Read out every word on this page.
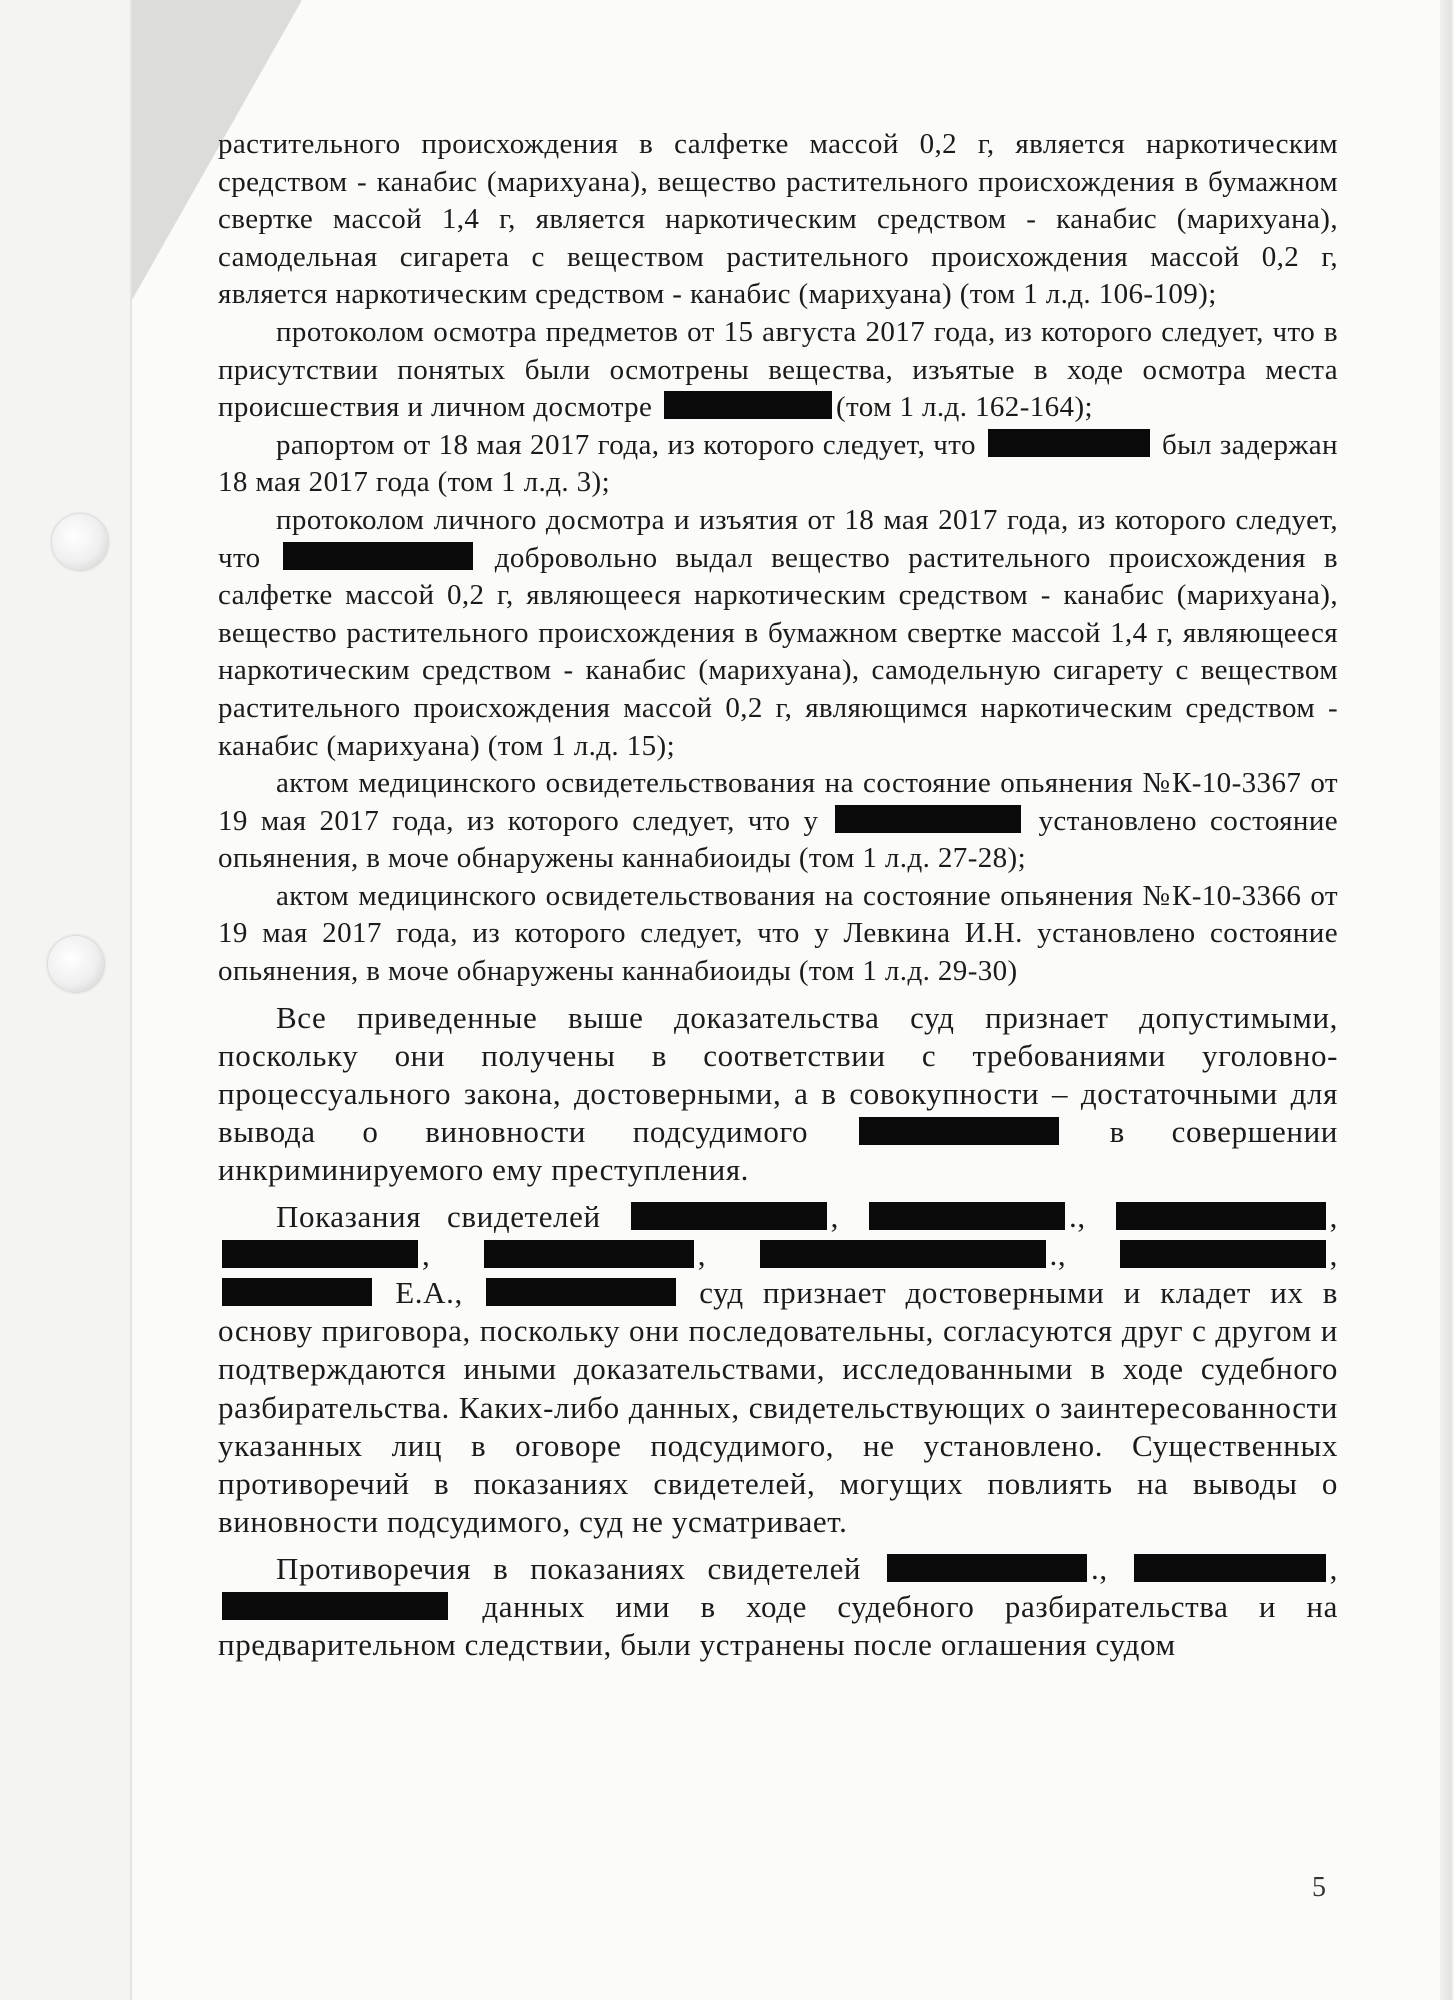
растительного происхождения в салфетке массой 0,2 г, является наркотическим средством - канабис (марихуана), вещество растительного происхождения в бумажном свертке массой 1,4 г, является наркотическим средством - канабис (марихуана), самодельная сигарета с веществом растительного происхождения массой 0,2 г, является наркотическим средством - канабис (марихуана) (том 1 л.д. 106-109);

протоколом осмотра предметов от 15 августа 2017 года, из которого следует, что в присутствии понятых были осмотрены вещества, изъятые в ходе осмотра места происшествия и личном досмотре	(том 1 л.д. 162-164);

рапортом от 18 мая 2017 года, из которого следует, что	был задержан 18 мая 2017 года (том 1 л.д. 3);

протоколом личного досмотра и изъятия от 18 мая 2017 года, из которого следует, что	добровольно выдал вещество растительного происхождения в салфетке массой 0,2 г, являющееся наркотическим средством - канабис (марихуана), вещество растительного происхождения в бумажном свертке массой 1,4 г, являющееся наркотическим средством - канабис (марихуана), самодельную сигарету с веществом растительного происхождения массой 0,2 г, являющимся наркотическим средством - канабис (марихуана) (том 1 л.д. 15);

актом медицинского освидетельствования на состояние опьянения №К-10-3367 от 19 мая 2017 года, из которого следует, что у	установлено состояние опьянения, в моче обнаружены каннабиоиды (том 1 л.д. 27-28);

актом медицинского освидетельствования на состояние опьянения №К-10-3366 от 19 мая 2017 года, из которого следует, что у Левкина И.Н. установлено состояние опьянения, в моче обнаружены каннабиоиды (том 1 л.д. 29-30)

Все приведенные выше доказательства суд признает допустимыми, поскольку они получены в соответствии с требованиями уголовно-процессуального закона, достоверными, а в совокупности – достаточными для вывода о виновности подсудимого	в совершении инкриминируемого ему преступления.

Показания свидетелей	,	.,	, ,	,	.,	,  Е.А.,	суд признает достоверными и кладет их в основу приговора, поскольку они последовательны, согласуются друг с другом и подтверждаются иными доказательствами, исследованными в ходе судебного разбирательства. Каких-либо данных, свидетельствующих о заинтересованности указанных лиц в оговоре подсудимого, не установлено. Существенных противоречий в показаниях свидетелей, могущих повлиять на выводы о виновности подсудимого, суд не усматривает.

Противоречия в показаниях свидетелей	.,	,  данных ими в ходе судебного разбирательства и на предварительном следствии, были устранены после оглашения судом

5
